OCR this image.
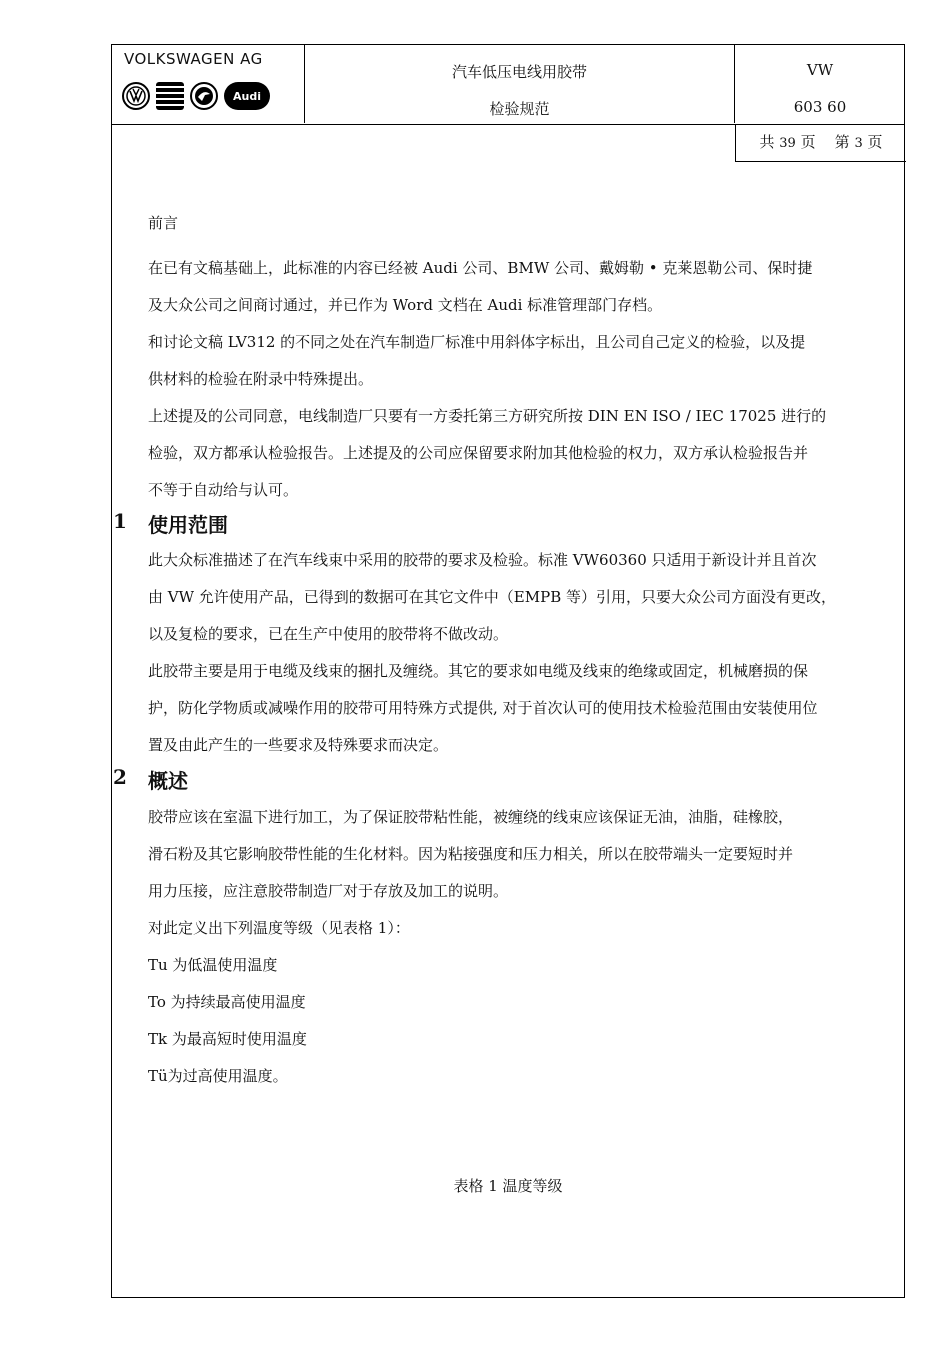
VOLKSWAGEN AG
Audi
汽车低压电线用胶带
检验规范
VW
603 60
共 39 页 第 3 页

前言

在已有文稿基础上，此标准的内容已经被 Audi 公司、BMW 公司、戴姆勒 • 克莱恩勒公司、保时捷

及大众公司之间商讨通过，并已作为 Word 文档在 Audi 标准管理部门存档。

和讨论文稿 LV312 的不同之处在汽车制造厂标准中用斜体字标出，且公司自己定义的检验，以及提

供材料的检验在附录中特殊提出。

上述提及的公司同意，电线制造厂只要有一方委托第三方研究所按 DIN EN ISO / IEC 17025 进行的

检验，双方都承认检验报告。上述提及的公司应保留要求附加其他检验的权力，双方承认检验报告并

不等于自动给与认可。

1 使用范围

此大众标准描述了在汽车线束中采用的胶带的要求及检验。标准 VW60360 只适用于新设计并且首次

由 VW 允许使用产品，已得到的数据可在其它文件中（EMPB 等）引用，只要大众公司方面没有更改，

以及复检的要求，已在生产中使用的胶带将不做改动。

此胶带主要是用于电缆及线束的捆扎及缠绕。其它的要求如电缆及线束的绝缘或固定，机械磨损的保

护，防化学物质或减噪作用的胶带可用特殊方式提供, 对于首次认可的使用技术检验范围由安装使用位

置及由此产生的一些要求及特殊要求而决定。

2 概述

胶带应该在室温下进行加工，为了保证胶带粘性能，被缠绕的线束应该保证无油，油脂，硅橡胶，

滑石粉及其它影响胶带性能的生化材料。因为粘接强度和压力相关，所以在胶带端头一定要短时并

用力压接，应注意胶带制造厂对于存放及加工的说明。

对此定义出下列温度等级（见表格 1）：

Tu 为低温使用温度

To 为持续最高使用温度

Tk 为最高短时使用温度

Tü为过高使用温度。

表格 1 温度等级
